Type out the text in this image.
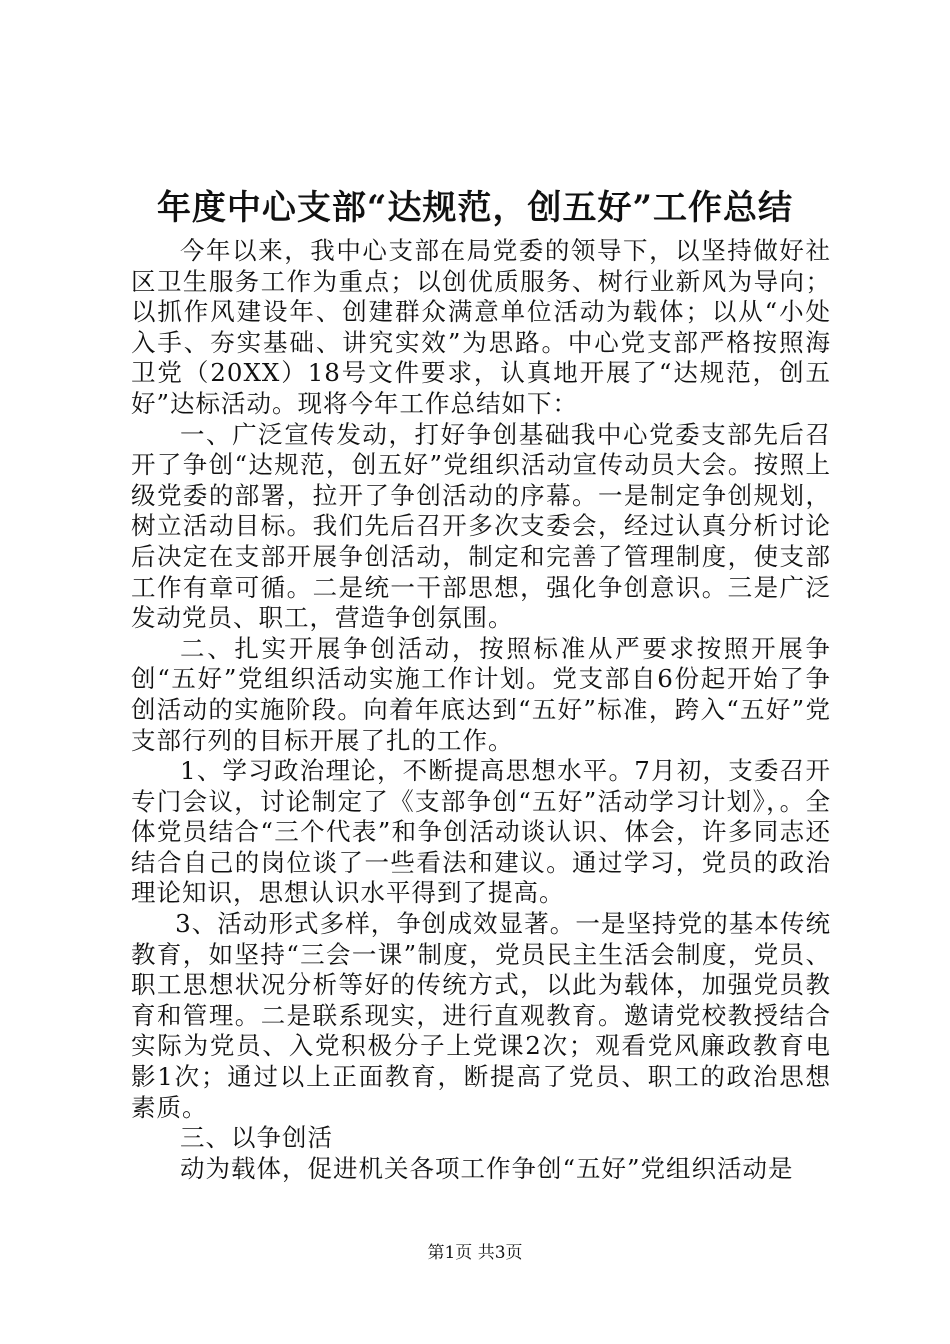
年度中心支部“达规范，创五好”工作总结

今年以来，我中心支部在局党委的领导下，以坚持做好社区卫生服务工作为重点；以创优质服务、树行业新风为导向；以抓作风建设年、创建群众满意单位活动为载体；以从“小处入手、夯实基础、讲究实效”为思路。中心党支部严格按照海卫党（20XX）18号文件要求，认真地开展了“达规范，创五好”达标活动。现将今年工作总结如下：

一、广泛宣传发动，打好争创基础我中心党委支部先后召开了争创“达规范，创五好”党组织活动宣传动员大会。按照上级党委的部署，拉开了争创活动的序幕。一是制定争创规划，树立活动目标。我们先后召开多次支委会，经过认真分析讨论后决定在支部开展争创活动，制定和完善了管理制度，使支部工作有章可循。二是统一干部思想，强化争创意识。三是广泛发动党员、职工，营造争创氛围。

二、扎实开展争创活动，按照标准从严要求按照开展争创“五好”党组织活动实施工作计划。党支部自6份起开始了争创活动的实施阶段。向着年底达到“五好”标准，跨入“五好”党支部行列的目标开展了扎的工作。

1、学习政治理论，不断提高思想水平。7月初，支委召开专门会议，讨论制定了《支部争创“五好”活动学习计划》，。全体党员结合“三个代表”和争创活动谈认识、体会，许多同志还结合自己的岗位谈了一些看法和建议。通过学习，党员的政治理论知识，思想认识水平得到了提高。

3、活动形式多样，争创成效显著。一是坚持党的基本传统教育，如坚持“三会一课”制度，党员民主生活会制度，党员、职工思想状况分析等好的传统方式，以此为载体，加强党员教育和管理。二是联系现实，进行直观教育。邀请党校教授结合实际为党员、入党积极分子上党课2次；观看党风廉政教育电影1次；通过以上正面教育，断提高了党员、职工的政治思想素质。

三、以争创活

动为载体，促进机关各项工作争创“五好”党组织活动是

第1页 共3页
